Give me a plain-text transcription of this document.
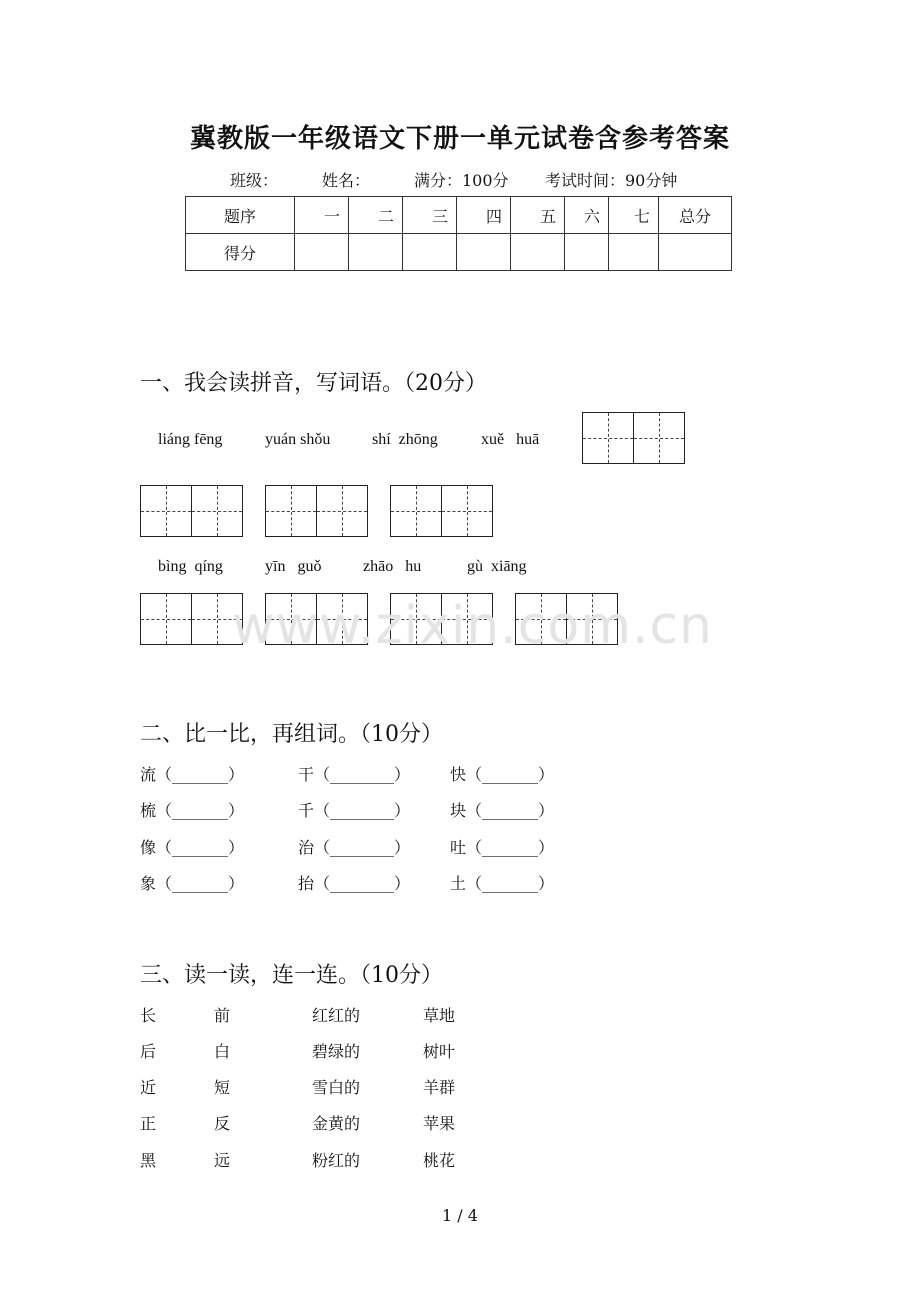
冀教版一年级语文下册一单元试卷含参考答案
班级：	姓名：	满分：100分 考试时间：90分钟
题序	一	二	三	四	五	六	七	总分
得分								
一、我会读拼音，写词语。（20分）
liáng fēng	yuán shǒu	shí  zhōng	xuě   huā
bìng  qíng	yīn   guǒ	zhāo   hu	gù  xiāng
www.zixin.com.cn
二、比一比，再组词。（10分）
流（_______）	干（________） 快（_______）
梳（_______）	千（________） 块（_______）
像（_______）	治（________） 吐（_______）
象（_______）	抬（________） 土（_______）
三、读一读，连一连。（10分）
长	前	红红的	草地
后	白	碧绿的	树叶
近	短	雪白的	羊群
正	反	金黄的	苹果
黑	远	粉红的	桃花
1 / 4
